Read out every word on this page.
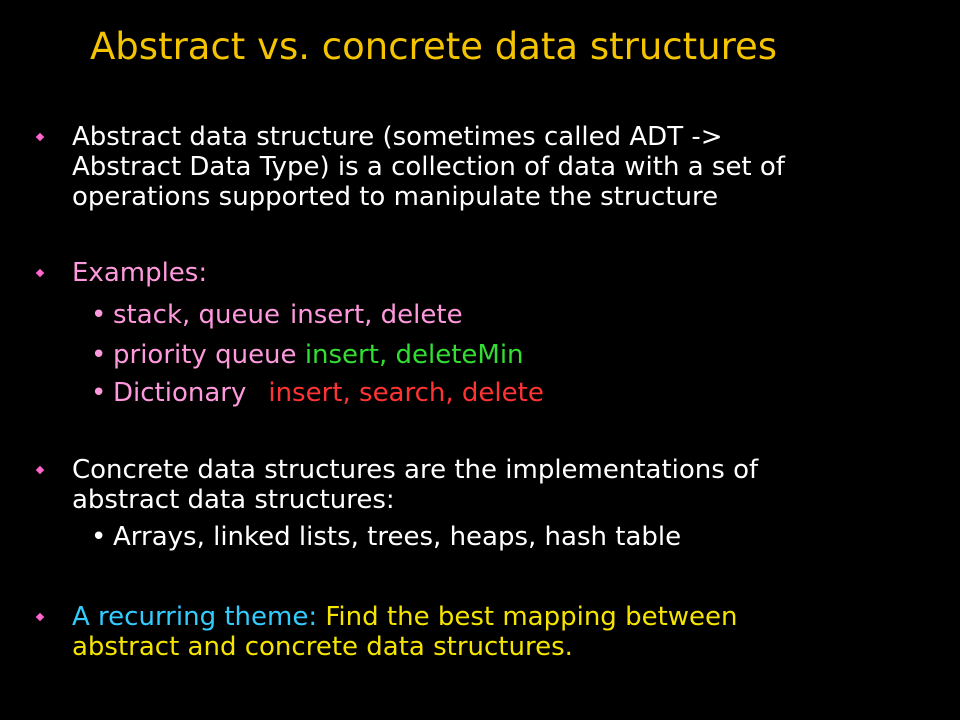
Abstract vs. concrete data structures
Abstract data structure (sometimes called ADT ->
Abstract Data Type) is a collection of data with a set of
operations supported to manipulate the structure
Examples:
• stack, queue insert, delete
• priority queue insert, deleteMin
• Dictionary insert, search, delete
Concrete data structures are the implementations of
abstract data structures:
• Arrays, linked lists, trees, heaps, hash table
A recurring theme: Find the best mapping between
abstract and concrete data structures.
